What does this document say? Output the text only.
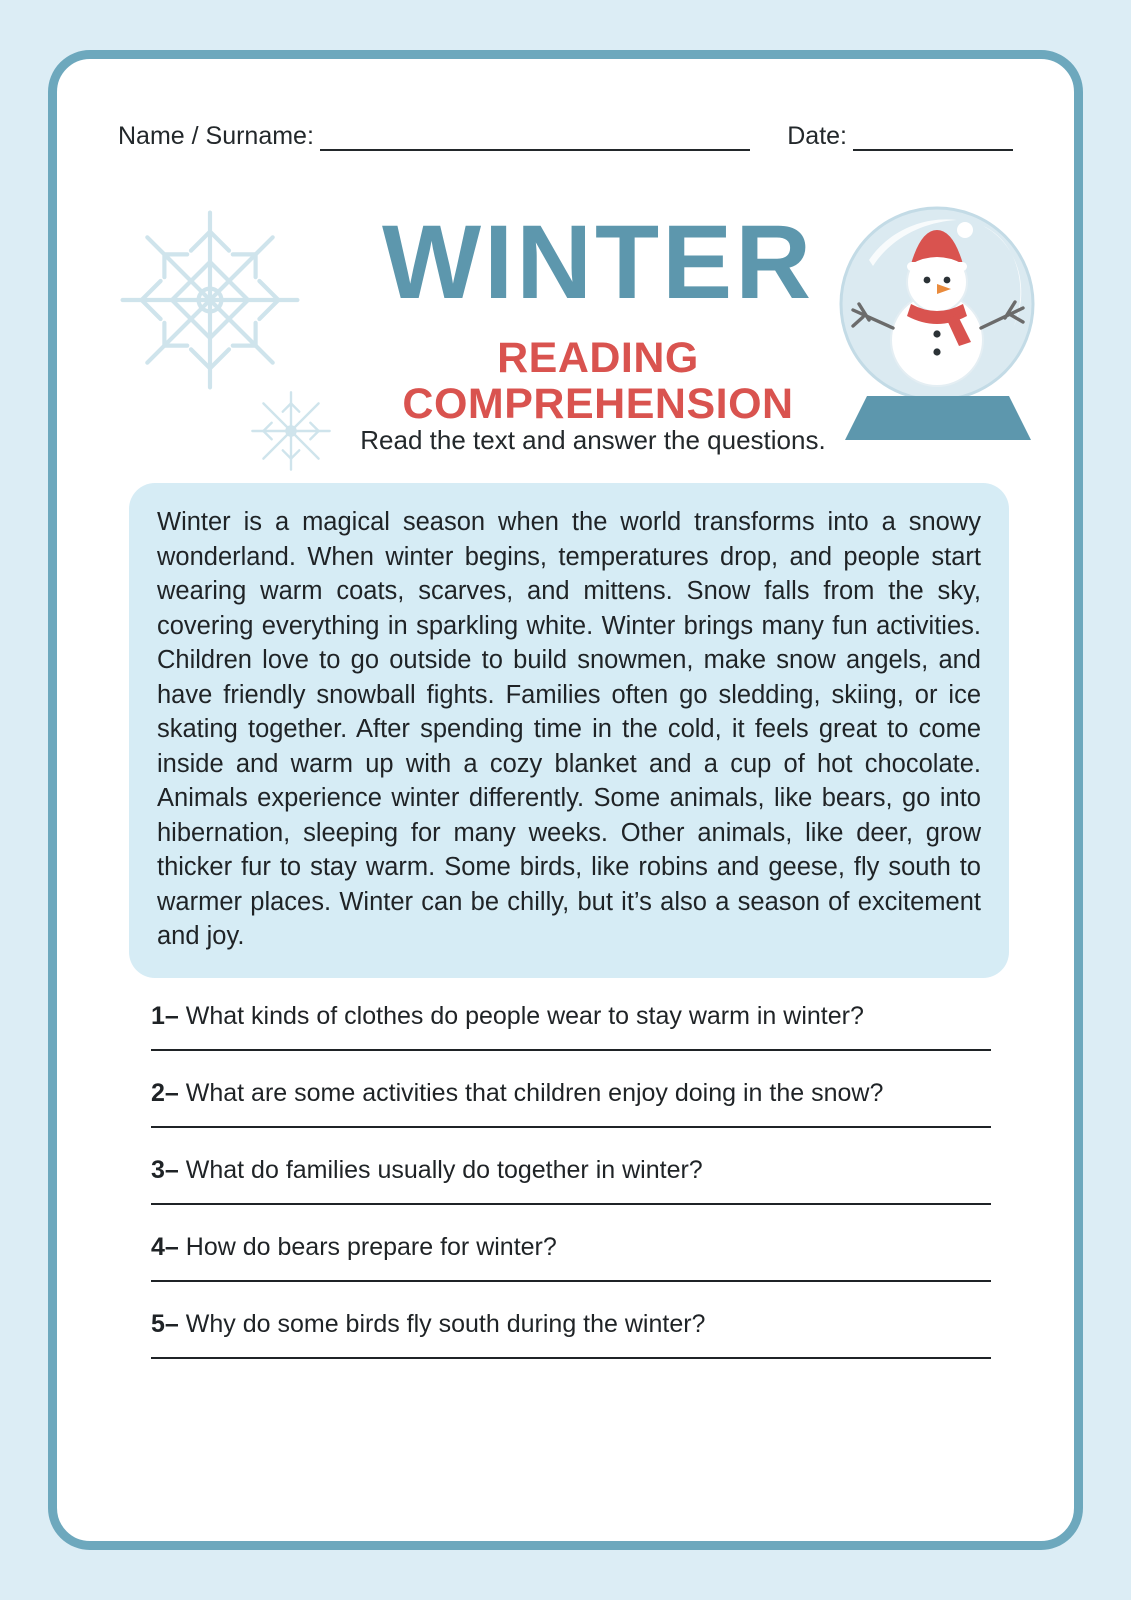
Name / Surname:	Date:
WINTER
READING COMPREHENSION
Read the text and answer the questions.
Winter is a magical season when the world transforms into a snowy wonderland. When winter begins, temperatures drop, and people start wearing warm coats, scarves, and mittens. Snow falls from the sky, covering everything in sparkling white. Winter brings many fun activities. Children love to go outside to build snowmen, make snow angels, and have friendly snowball fights. Families often go sledding, skiing, or ice skating together. After spending time in the cold, it feels great to come inside and warm up with a cozy blanket and a cup of hot chocolate. Animals experience winter differently. Some animals, like bears, go into hibernation, sleeping for many weeks. Other animals, like deer, grow thicker fur to stay warm. Some birds, like robins and geese, fly south to warmer places. Winter can be chilly, but it’s also a season of excitement and joy.
1– What kinds of clothes do people wear to stay warm in winter?
2– What are some activities that children enjoy doing in the snow?
3– What do families usually do together in winter?
4– How do bears prepare for winter?
5– Why do some birds fly south during the winter?
